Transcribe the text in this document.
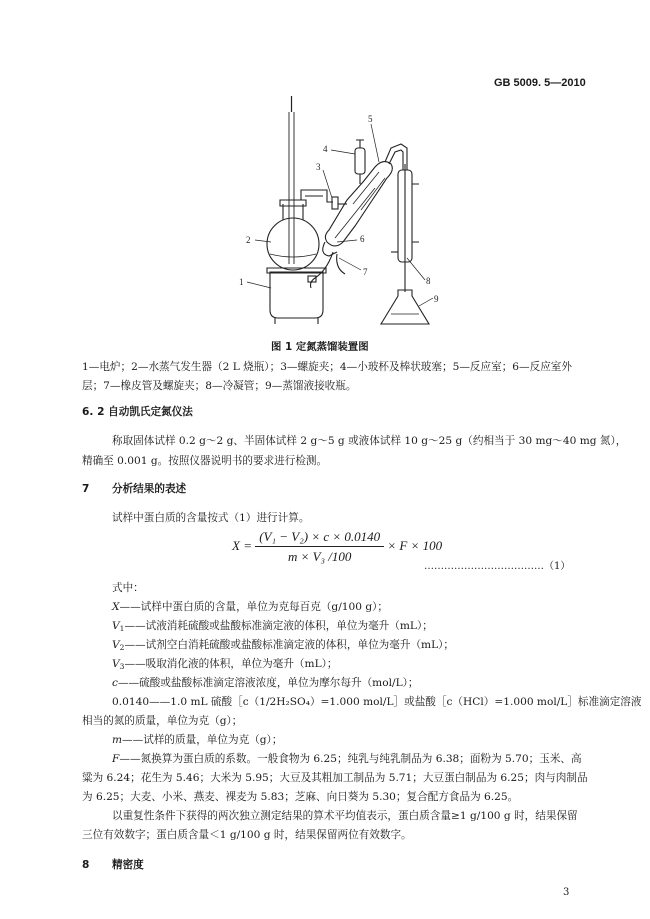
GB 5009. 5—2010
1
2
3
4
5
6
7
8
9
图 1 定氮蒸馏装置图
1—电炉；2—水蒸气发生器（2 L 烧瓶）；3—螺旋夹；4—小玻杯及棒状玻塞；5—反应室；6—反应室外
层；7—橡皮管及螺旋夹；8—冷凝管；9—蒸馏液接收瓶。
6. 2 自动凯氏定氮仪法
称取固体试样 0.2 g～2 g、半固体试样 2 g～5 g 或液体试样 10 g～25 g（约相当于 30 mg～40 mg 氮），
精确至 0.001 g。按照仪器说明书的要求进行检测。
7 分析结果的表述
试样中蛋白质的含量按式（1）进行计算。
$X = \frac{\text{(V₁ − V₂) × c × 0.0140}}{\text{m × V₃ /100}} \times F \times 100$
………………………………（1）
式中：
X——试样中蛋白质的含量，单位为克每百克（g/100 g）；
$V_1——$试液消耗硫酸或盐酸标准滴定液的体积，单位为毫升（mL）；
$V_2——$试剂空白消耗硫酸或盐酸标准滴定液的体积，单位为毫升（mL）；
$V_3——$吸取消化液的体积，单位为毫升（mL）；
c——硫酸或盐酸标准滴定溶液浓度，单位为摩尔每升（mol/L）；
0.0140——1.0 mL 硫酸［c（1/2H₂SO₄）=1.000 mol/L］或盐酸［c（HCl）=1.000 mol/L］标准滴定溶液
相当的氮的质量，单位为克（g）；
m——试样的质量，单位为克（g）；
F——氮换算为蛋白质的系数。一般食物为 6.25；纯乳与纯乳制品为 6.38；面粉为 5.70；玉米、高
粱为 6.24；花生为 5.46；大米为 5.95；大豆及其粗加工制品为 5.71；大豆蛋白制品为 6.25；肉与肉制品
为 6.25；大麦、小米、燕麦、裸麦为 5.83；芝麻、向日葵为 5.30；复合配方食品为 6.25。
以重复性条件下获得的两次独立测定结果的算术平均值表示，蛋白质含量≥1 g/100 g 时，结果保留
三位有效数字；蛋白质含量＜1 g/100 g 时，结果保留两位有效数字。
8 精密度
3
